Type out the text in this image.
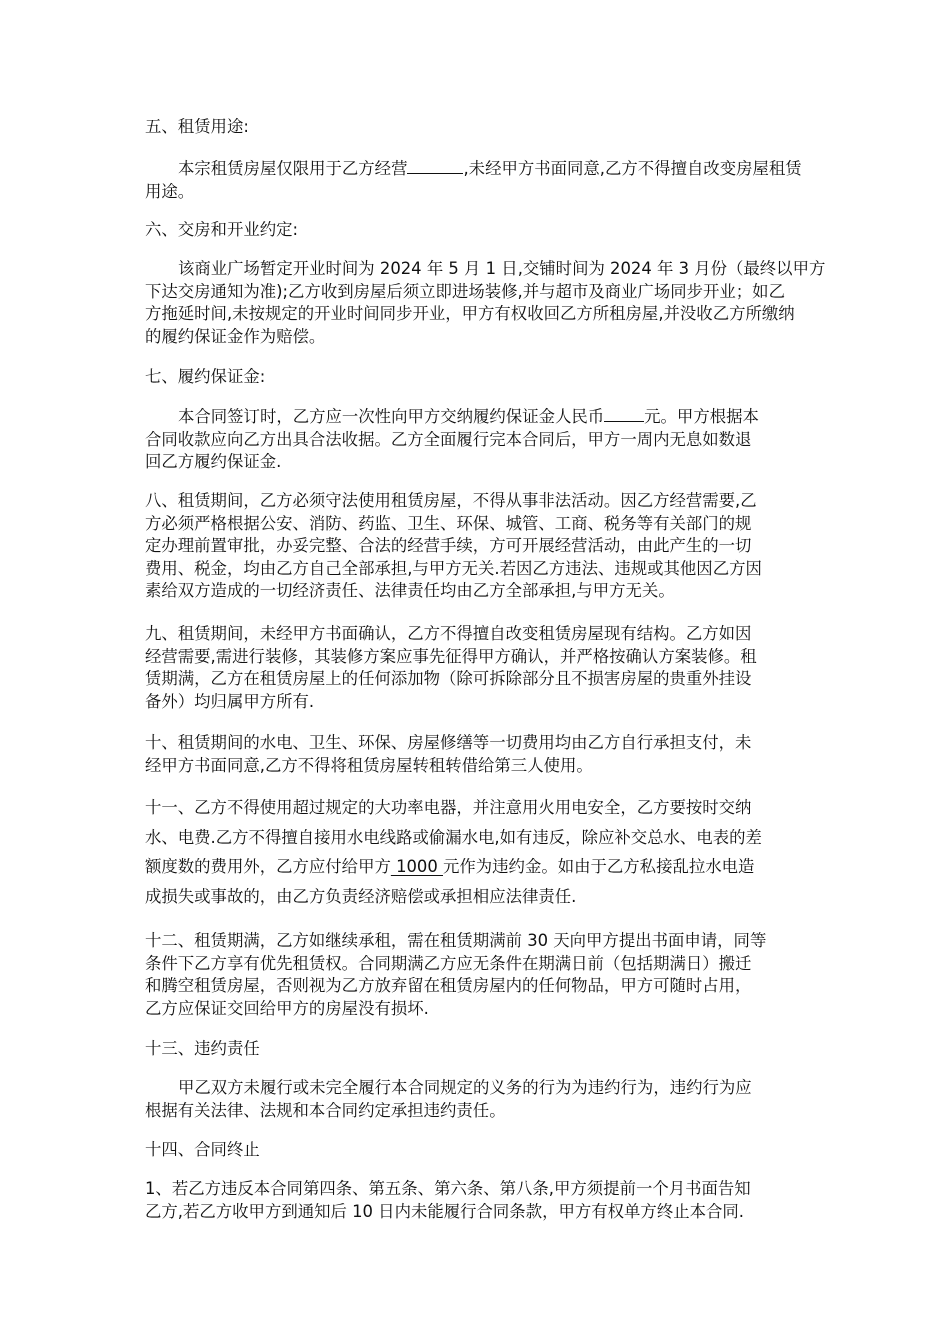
五、租赁用途:
本宗租赁房屋仅限用于乙方经营	,未经甲方书面同意,乙方不得擅自改变房屋租赁
用途。
六、交房和开业约定:
该商业广场暂定开业时间为 2024 年 5 月 1 日,交铺时间为 2024 年 3 月份（最终以甲方
下达交房通知为准);乙方收到房屋后须立即进场装修,并与超市及商业广场同步开业；如乙
方拖延时间,未按规定的开业时间同步开业，甲方有权收回乙方所租房屋,并没收乙方所缴纳
的履约保证金作为赔偿。
七、履约保证金:
本合同签订时，乙方应一次性向甲方交纳履约保证金人民币 元。甲方根据本
合同收款应向乙方出具合法收据。乙方全面履行完本合同后，甲方一周内无息如数退
回乙方履约保证金.
八、租赁期间，乙方必须守法使用租赁房屋，不得从事非法活动。因乙方经营需要,乙
方必须严格根据公安、消防、药监、卫生、环保、城管、工商、税务等有关部门的规
定办理前置审批，办妥完整、合法的经营手续，方可开展经营活动，由此产生的一切
费用、税金，均由乙方自己全部承担,与甲方无关.若因乙方违法、违规或其他因乙方因
素给双方造成的一切经济责任、法律责任均由乙方全部承担,与甲方无关。
九、租赁期间，未经甲方书面确认，乙方不得擅自改变租赁房屋现有结构。乙方如因
经营需要,需进行装修，其装修方案应事先征得甲方确认，并严格按确认方案装修。租
赁期满，乙方在租赁房屋上的任何添加物（除可拆除部分且不损害房屋的贵重外挂设
备外）均归属甲方所有.
十、租赁期间的水电、卫生、环保、房屋修缮等一切费用均由乙方自行承担支付，未
经甲方书面同意,乙方不得将租赁房屋转租转借给第三人使用。
十一、乙方不得使用超过规定的大功率电器，并注意用火用电安全，乙方要按时交纳
水、电费.乙方不得擅自接用水电线路或偷漏水电,如有违反，除应补交总水、电表的差
额度数的费用外，乙方应付给甲方 1000 元作为违约金。如由于乙方私接乱拉水电造
成损失或事故的，由乙方负责经济赔偿或承担相应法律责任.
十二、租赁期满，乙方如继续承租，需在租赁期满前 30 天向甲方提出书面申请，同等
条件下乙方享有优先租赁权。合同期满乙方应无条件在期满日前（包括期满日）搬迁
和腾空租赁房屋，否则视为乙方放弃留在租赁房屋内的任何物品，甲方可随时占用，
乙方应保证交回给甲方的房屋没有损坏.
十三、违约责任
甲乙双方未履行或未完全履行本合同规定的义务的行为为违约行为，违约行为应
根据有关法律、法规和本合同约定承担违约责任。
十四、合同终止
1、若乙方违反本合同第四条、第五条、第六条、第八条,甲方须提前一个月书面告知
乙方,若乙方收甲方到通知后 10 日内未能履行合同条款，甲方有权单方终止本合同.
